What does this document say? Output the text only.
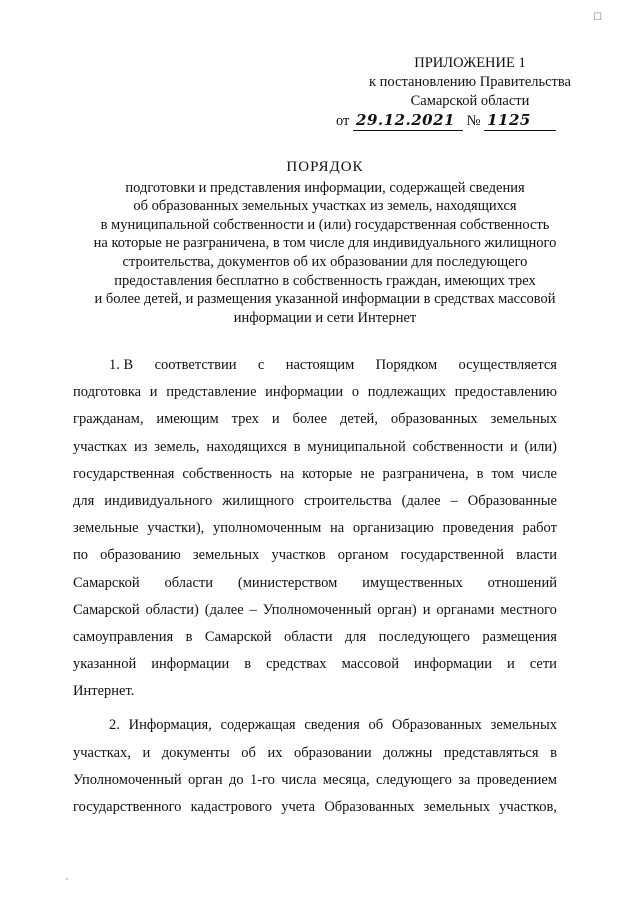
☐
ПРИЛОЖЕНИЕ 1
к постановлению Правительства
Самарской области
от 29.12.2021 № 1125
ПОРЯДОК
подготовки и представления информации, содержащей сведения
об образованных земельных участках из земель, находящихся
в муниципальной собственности и (или) государственная собственность
на которые не разграничена, в том числе для индивидуального жилищного
строительства, документов об их образовании для последующего
предоставления бесплатно в собственность граждан, имеющих трех
и более детей, и размещения указанной информации в средствах массовой
информации и сети Интернет
1. В соответствии с настоящим Порядком осуществляется
подготовка и представление информации о подлежащих предоставлению
гражданам, имеющим трех и более детей, образованных земельных
участках из земель, находящихся в муниципальной собственности и (или)
государственная собственность на которые не разграничена, в том числе
для индивидуального жилищного строительства (далее – Образованные
земельные участки), уполномоченным на организацию проведения работ
по образованию земельных участков органом государственной власти
Самарской области (министерством имущественных отношений
Самарской области) (далее – Уполномоченный орган) и органами местного
самоуправления в Самарской области для последующего размещения
указанной информации в средствах массовой информации и сети
Интернет.
2. Информация, содержащая сведения об Образованных земельных
участках, и документы об их образовании должны представляться в
Уполномоченный орган до 1-го числа месяца, следующего за проведением
государственного кадастрового учета Образованных земельных участков,
